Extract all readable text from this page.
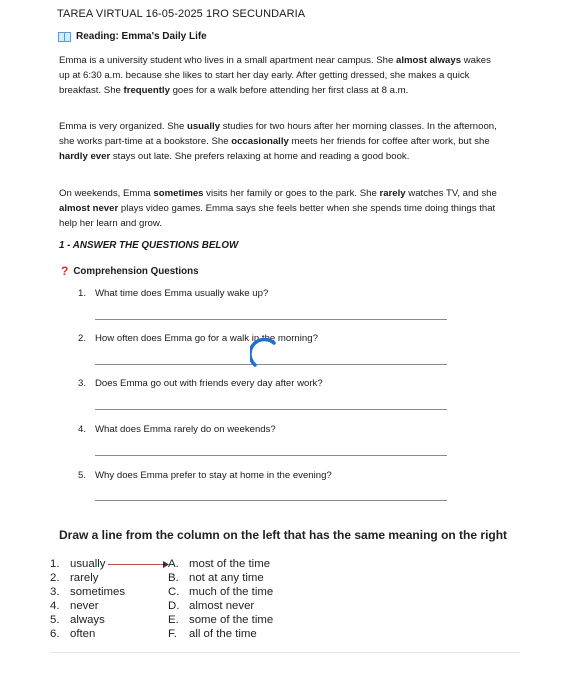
TAREA VIRTUAL 16-05-2025 1RO SECUNDARIA
Reading: Emma's Daily Life

Emma is a university student who lives in a small apartment near campus. She almost always wakes up at 6:30 a.m. because she likes to start her day early. After getting dressed, she makes a quick breakfast. She frequently goes for a walk before attending her first class at 8 a.m.

Emma is very organized. She usually studies for two hours after her morning classes. In the afternoon, she works part-time at a bookstore. She occasionally meets her friends for coffee after work, but she hardly ever stays out late. She prefers relaxing at home and reading a good book.

On weekends, Emma sometimes visits her family or goes to the park. She rarely watches TV, and she almost never plays video games. Emma says she feels better when she spends time doing things that help her learn and grow.

1 - ANSWER THE QUESTIONS BELOW
? Comprehension Questions
1. What time does Emma usually wake up?
2. How often does Emma go for a walk in the morning?
3. Does Emma go out with friends every day after work?
4. What does Emma rarely do on weekends?
5. Why does Emma prefer to stay at home in the evening?
Draw a line from the column on the left that has the same meaning on the right
1. usually
2. rarely
3. sometimes
4. never
5. always
6. often
A. most of the time
B. not at any time
C. much of the time
D. almost never
E. some of the time
F.	all of the time
